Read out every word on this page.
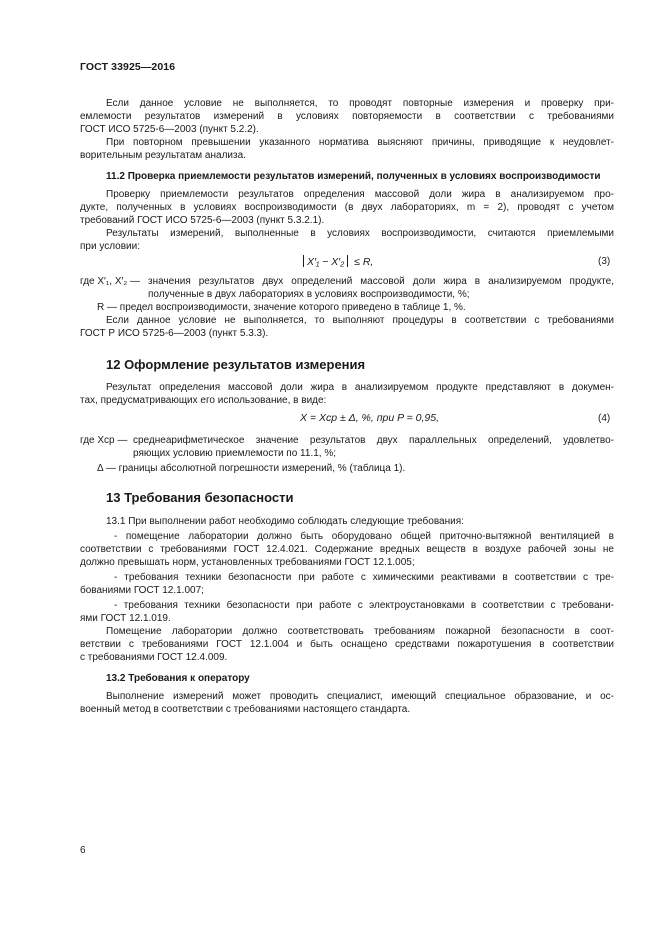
ГОСТ 33925—2016
Если данное условие не выполняется, то проводят повторные измерения и проверку при-
емлемости результатов измерений в условиях повторяемости в соответствии с требованиями
ГОСТ ИСО 5725-6—2003 (пункт 5.2.2).
При повторном превышении указанного норматива выясняют причины, приводящие к неудовлет-
ворительным результатам анализа.
11.2 Проверка приемлемости результатов измерений, полученных в условиях воспроизводимости
Проверку приемлемости результатов определения массовой доли жира в анализируемом про-
дукте, полученных в условиях воспроизводимости (в двух лабораториях, m = 2), проводят с учетом
требований ГОСТ ИСО 5725-6—2003 (пункт 5.3.2.1).
Результаты измерений, выполненные в условиях воспроизводимости, считаются приемлемыми
при условии:
X′₁ − X′₂ ≤ R,	(3)
где X′₁, X′₂ — значения результатов двух определений массовой доли жира в анализируемом продукте,
полученные в двух лабораториях в условиях воспроизводимости, %;
R — предел воспроизводимости, значение которого приведено в таблице 1, %.
Если данное условие не выполняется, то выполняют процедуры в соответствии с требованиями
ГОСТ Р ИСО 5725-6—2003 (пункт 5.3.3).
12 Оформление результатов измерения
Результат определения массовой доли жира в анализируемом продукте представляют в докумен-
тах, предусматривающих его использование, в виде:
X = Xср ± Δ, %, при P = 0,95,	(4)
где Xср — среднеарифметическое значение результатов двух параллельных определений, удовлетво-
ряющих условию приемлемости по 11.1, %;
Δ — границы абсолютной погрешности измерений, % (таблица 1).
13 Требования безопасности
13.1 При выполнении работ необходимо соблюдать следующие требования:
- помещение лаборатории должно быть оборудовано общей приточно-вытяжной вентиляцией в
соответствии с требованиями ГОСТ 12.4.021. Содержание вредных веществ в воздухе рабочей зоны не
должно превышать норм, установленных требованиями ГОСТ 12.1.005;
- требования техники безопасности при работе с химическими реактивами в соответствии с тре-
бованиями ГОСТ 12.1.007;
- требования техники безопасности при работе с электроустановками в соответствии с требовани-
ями ГОСТ 12.1.019.
Помещение лаборатории должно соответствовать требованиям пожарной безопасности в соот-
ветствии с требованиями ГОСТ 12.1.004 и быть оснащено средствами пожаротушения в соответствии
с требованиями ГОСТ 12.4.009.
13.2 Требования к оператору
Выполнение измерений может проводить специалист, имеющий специальное образование, и ос-
военный метод в соответствии с требованиями настоящего стандарта.
6
